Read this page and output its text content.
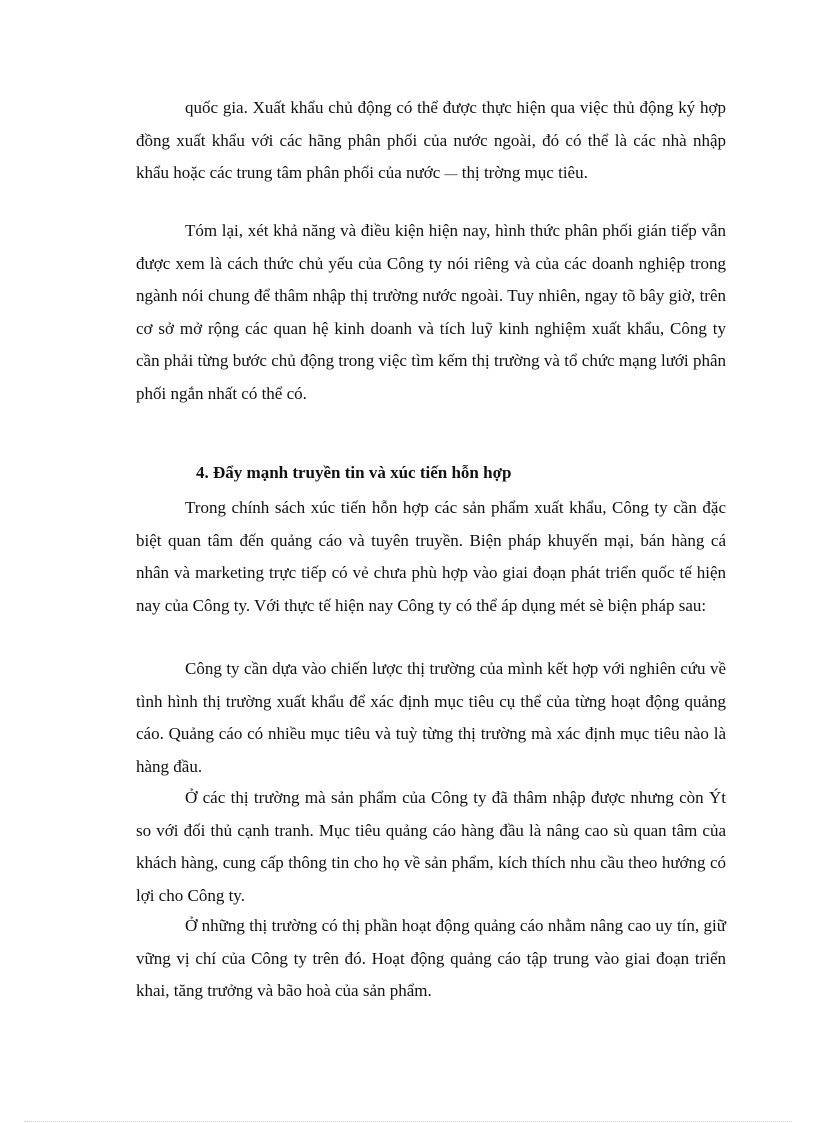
quốc gia. Xuất khẩu chủ động có thể được thực hiện qua việc thủ động ký hợp đồng xuất khẩu với các hãng phân phối của nước ngoài, đó có thể là các nhà nhập khẩu hoặc các trung tâm phân phối của nước — thị trờng mục tiêu.

Tóm lại, xét khả năng và điều kiện hiện nay, hình thức phân phối gián tiếp vẫn được xem là cách thức chủ yếu của Công ty nói riêng và của các doanh nghiệp trong ngành nói chung để thâm nhập thị trường nước ngoài. Tuy nhiên, ngay tõ bây giờ, trên cơ sở mở rộng các quan hệ kinh doanh và tích luỹ kinh nghiệm xuất khẩu, Công ty cần phải từng bước chủ động trong việc tìm kếm thị trường và tổ chức mạng lưới phân phối ngắn nhất có thể có.

4. Đẩy mạnh truyền tin và xúc tiến hỗn hợp

Trong chính sách xúc tiến hỗn hợp các sản phẩm xuất khẩu, Công ty cần đặc biệt quan tâm đến quảng cáo và tuyên truyền. Biện pháp khuyến mại, bán hàng cá nhân và marketing trực tiếp có vẻ chưa phù hợp vào giai đoạn phát triển quốc tế hiện nay của Công ty. Với thực tế hiện nay Công ty có thể áp dụng mét sè biện pháp sau:

Công ty cần dựa vào chiến lược thị trường của mình kết hợp với nghiên cứu về tình hình thị trường xuất khẩu để xác định mục tiêu cụ thể của từng hoạt động quảng cáo. Quảng cáo có nhiều mục tiêu và tuỳ từng thị trường mà xác định mục tiêu nào là hàng đầu.

Ở các thị trường mà sản phẩm của Công ty đã thâm nhập được nhưng còn Ýt so với đối thủ cạnh tranh. Mục tiêu quảng cáo hàng đầu là nâng cao sù quan tâm của khách hàng, cung cấp thông tin cho họ về sản phẩm, kích thích nhu cầu theo hướng có lợi cho Công ty.

Ở những thị trường có thị phần hoạt động quảng cáo nhằm nâng cao uy tín, giữ vững vị chí của Công ty trên đó. Hoạt động quảng cáo tập trung vào giai đoạn triển khai, tăng trưởng và bão hoà của sản phẩm.
